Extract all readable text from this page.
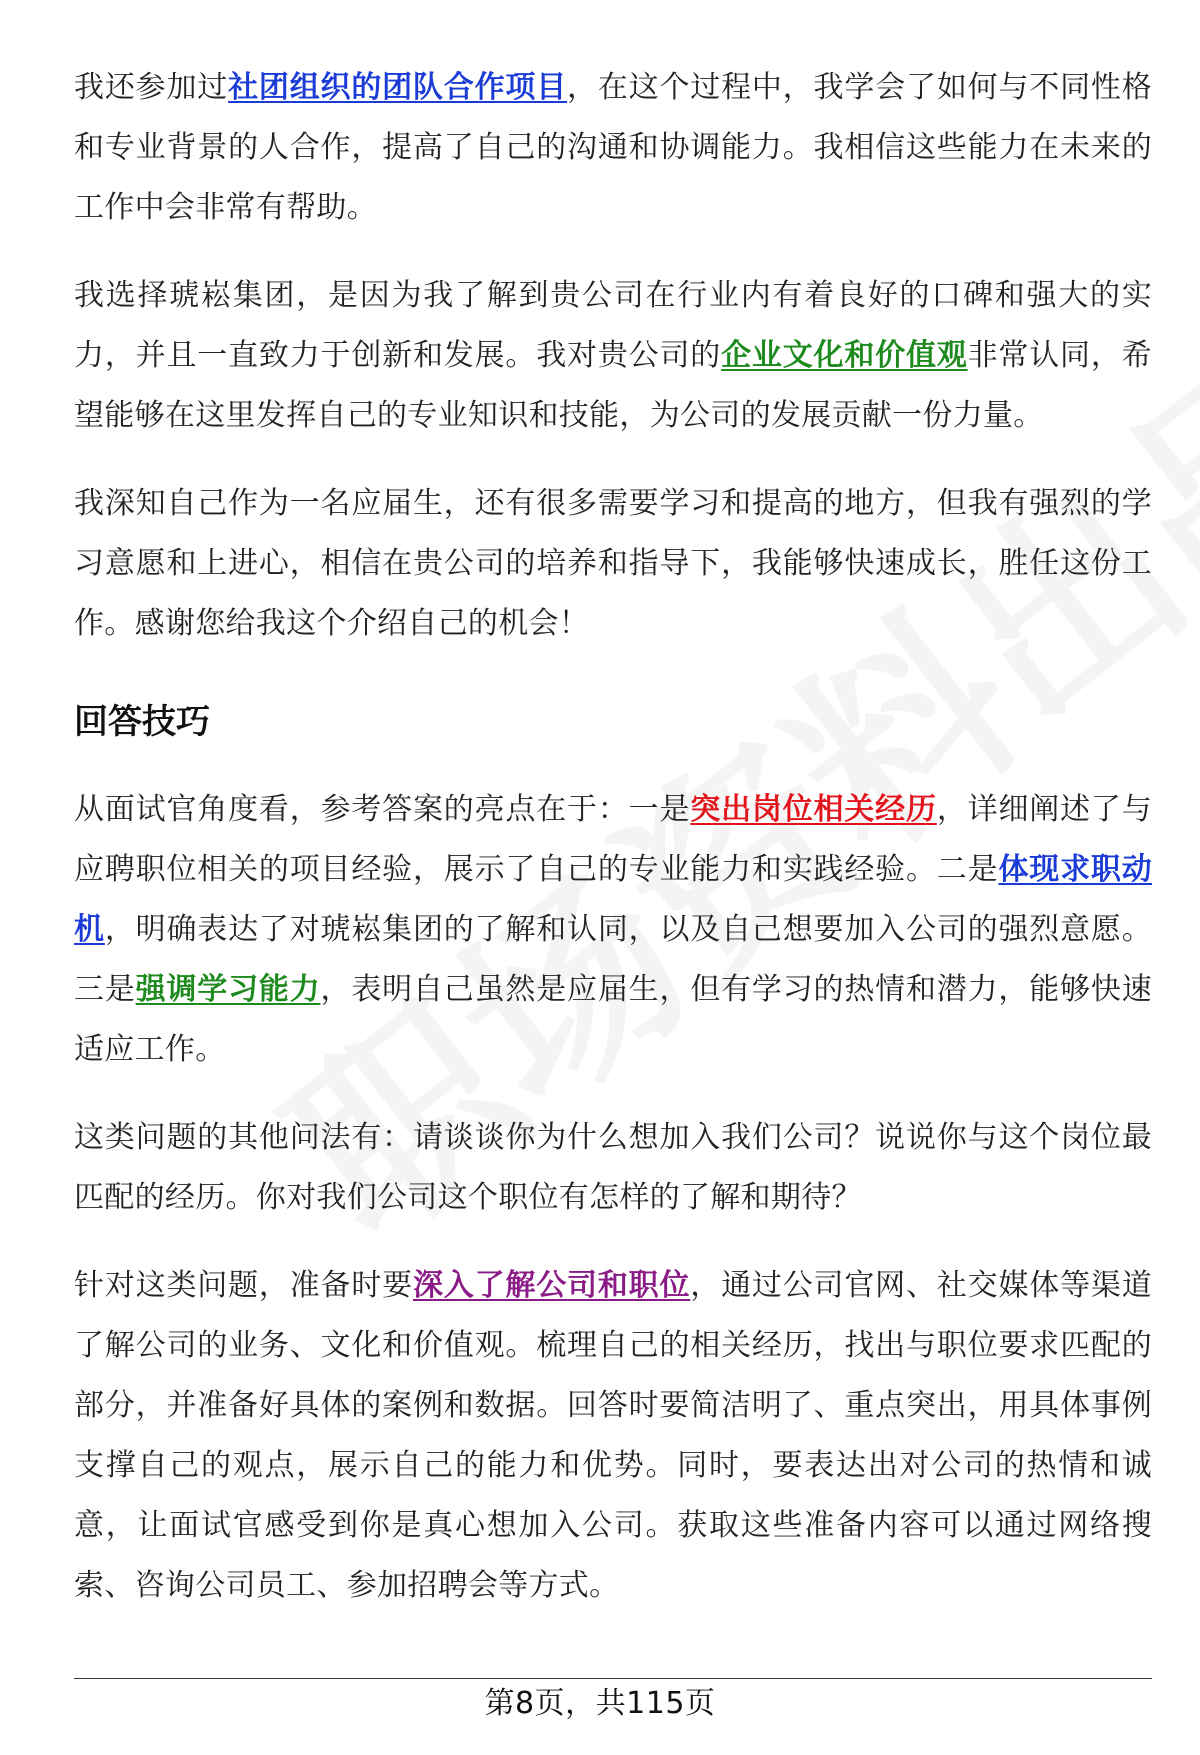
我还参加过社团组织的团队合作项目，在这个过程中，我学会了如何与不同性格和专业背景的人合作，提高了自己的沟通和协调能力。我相信这些能力在未来的工作中会非常有帮助。

我选择琥崧集团，是因为我了解到贵公司在行业内有着良好的口碑和强大的实力，并且一直致力于创新和发展。我对贵公司的企业文化和价值观非常认同，希望能够在这里发挥自己的专业知识和技能，为公司的发展贡献一份力量。

我深知自己作为一名应届生，还有很多需要学习和提高的地方，但我有强烈的学习意愿和上进心，相信在贵公司的培养和指导下，我能够快速成长，胜任这份工作。感谢您给我这个介绍自己的机会！

回答技巧

从面试官角度看，参考答案的亮点在于：一是突出岗位相关经历，详细阐述了与应聘职位相关的项目经验，展示了自己的专业能力和实践经验。二是体现求职动机，明确表达了对琥崧集团的了解和认同，以及自己想要加入公司的强烈意愿。三是强调学习能力，表明自己虽然是应届生，但有学习的热情和潜力，能够快速适应工作。

这类问题的其他问法有：请谈谈你为什么想加入我们公司？说说你与这个岗位最匹配的经历。你对我们公司这个职位有怎样的了解和期待？

针对这类问题，准备时要深入了解公司和职位，通过公司官网、社交媒体等渠道了解公司的业务、文化和价值观。梳理自己的相关经历，找出与职位要求匹配的部分，并准备好具体的案例和数据。回答时要简洁明了、重点突出，用具体事例支撑自己的观点，展示自己的能力和优势。同时，要表达出对公司的热情和诚意，让面试官感受到你是真心想加入公司。获取这些准备内容可以通过网络搜索、咨询公司员工、参加招聘会等方式。

第8页，共115页
